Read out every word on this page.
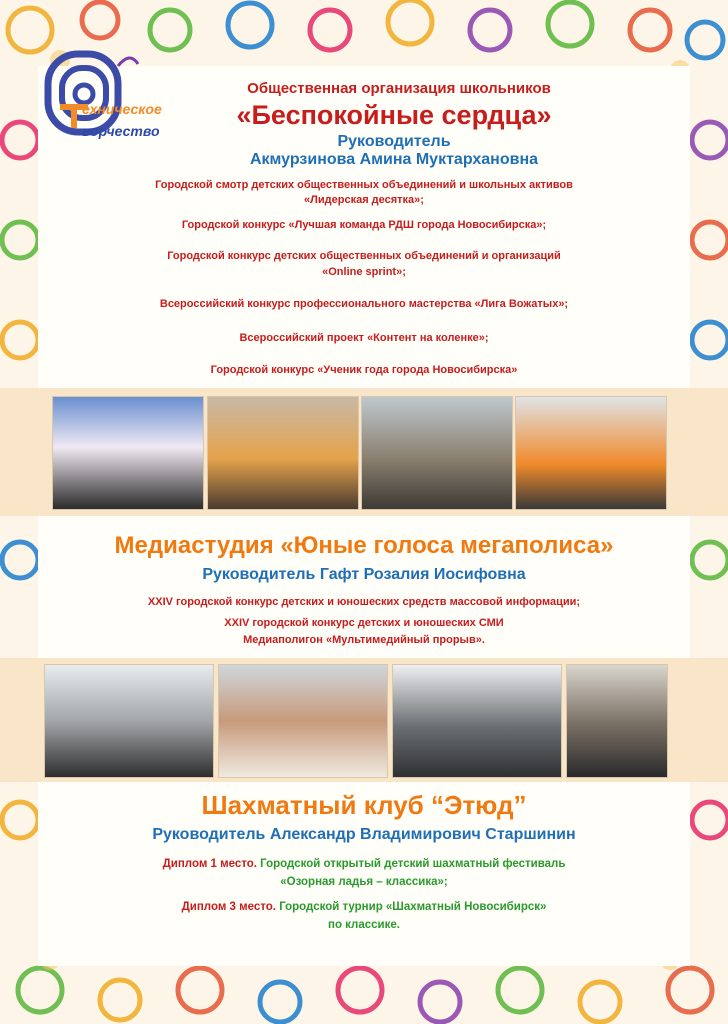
ехническое
ворчество

Общественная организация школьников

«Беспокойные сердца»

Руководитель

Акмурзинова Амина Муктархановна

Городской смотр детских общественных объединений и школьных активов

«Лидерская десятка»;

Городской конкурс «Лучшая команда РДШ города Новосибирска»;

Городской конкурс детских общественных объединений и организаций

«Online sprint»;

Всероссийский конкурс профессионального мастерства «Лига Вожатых»;

Всероссийский проект «Контент на коленке»;

Городской конкурс «Ученик года города Новосибирска»

Медиастудия «Юные голоса мегаполиса»

Руководитель Гафт Розалия Иосифовна

XXIV городской конкурс детских и юношеских средств массовой информации;

XXIV городской конкурс детских и юношеских СМИ

Медиаполигон «Мультимедийный прорыв».

Шахматный клуб “Этюд”

Руководитель Александр Владимирович Старшинин

Диплом 1 место. Городской открытый детский шахматный фестиваль

«Озорная ладья – классика»;

Диплом 3 место. Городской турнир «Шахматный Новосибирск»

по классике.
